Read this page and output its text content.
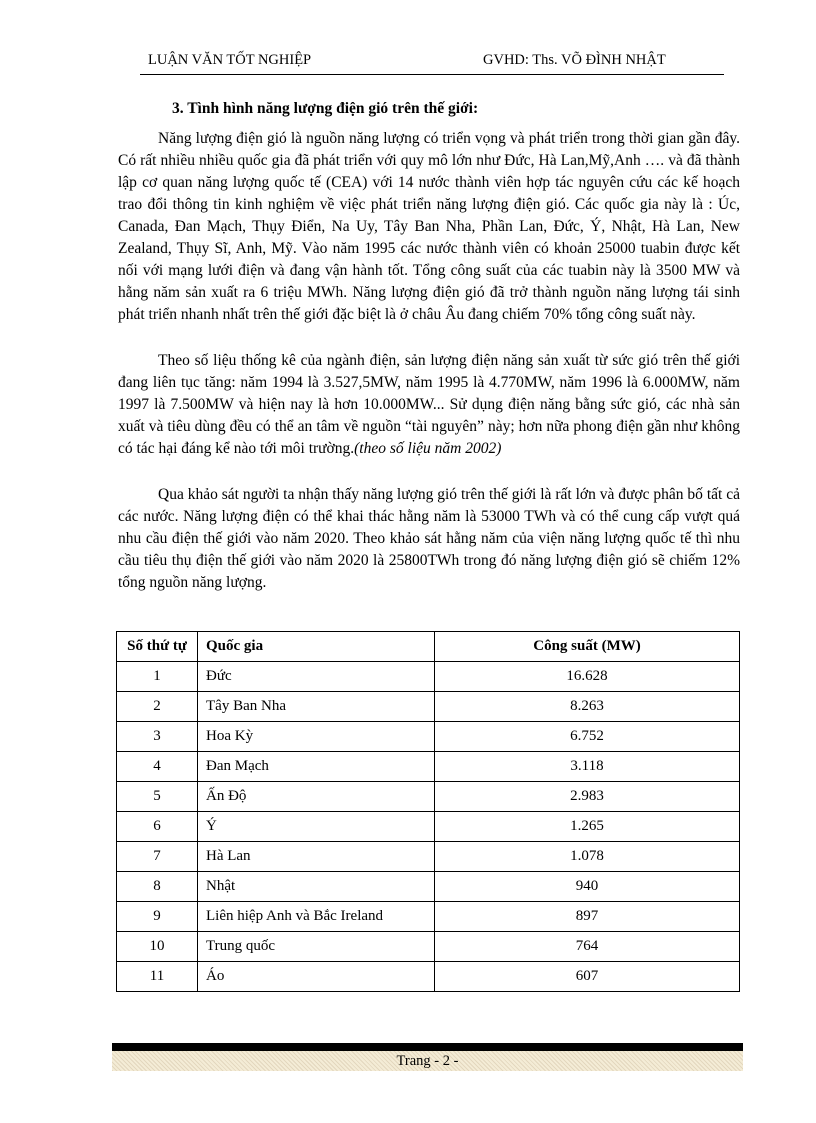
LUẬN VĂN TỐT NGHIỆP	GVHD: Ths. VÕ ĐÌNH NHẬT
3. Tình hình năng lượng điện gió trên thế giới:

Năng lượng điện gió là nguồn năng lượng có triển vọng và phát triển trong thời gian gần đây. Có rất nhiều nhiều quốc gia đã phát triển với quy mô lớn như Đức, Hà Lan,Mỹ,Anh …. và đã thành lập cơ quan năng lượng quốc tế (CEA) với 14 nước thành viên hợp tác nguyên cứu các kế hoạch trao đổi thông tin kinh nghiệm về việc phát triển năng lượng điện gió. Các quốc gia này là : Úc, Canada, Đan Mạch, Thụy Điển, Na Uy, Tây Ban Nha, Phần Lan, Đức, Ý, Nhật, Hà Lan, New Zealand, Thụy Sĩ, Anh, Mỹ. Vào năm 1995 các nước thành viên có khoản 25000 tuabin được kết nối với mạng lưới điện và đang vận hành tốt. Tổng công suất của các tuabin này là 3500 MW và hằng năm sản xuất ra 6 triệu MWh. Năng lượng điện gió đã trở thành nguồn năng lượng tái sinh phát triển nhanh nhất trên thế giới đặc biệt là ở châu Âu đang chiếm 70% tổng công suất này.

Theo số liệu thống kê của ngành điện, sản lượng điện năng sản xuất từ sức gió trên thế giới đang liên tục tăng: năm 1994 là 3.527,5MW, năm 1995 là 4.770MW, năm 1996 là 6.000MW, năm 1997 là 7.500MW và hiện nay là hơn 10.000MW... Sử dụng điện năng bằng sức gió, các nhà sản xuất và tiêu dùng đều có thể an tâm về nguồn “tài nguyên” này; hơn nữa phong điện gần như không có tác hại đáng kể nào tới môi trường.(theo số liệu năm 2002)

Qua khảo sát người ta nhận thấy năng lượng gió trên thế giới là rất lớn và được phân bố tất cả các nước. Năng lượng điện có thể khai thác hằng năm là 53000 TWh và có thể cung cấp vượt quá nhu cầu điện thế giới vào năm 2020. Theo khảo sát hằng năm của viện năng lượng quốc tế thì nhu cầu tiêu thụ điện thế giới vào năm 2020 là 25800TWh trong đó năng lượng điện gió sẽ chiếm 12% tổng nguồn năng lượng.

Số thứ tự	Quốc gia	Công suất (MW)
1	Đức	16.628
2	Tây Ban Nha	8.263
3	Hoa Kỳ	6.752
4	Đan Mạch	3.118
5	Ấn Độ	2.983
6	Ý	1.265
7	Hà Lan	1.078
8	Nhật	940
9	Liên hiệp Anh và Bắc Ireland	897
10	Trung quốc	764
11	Áo	607
Trang - 2 -
